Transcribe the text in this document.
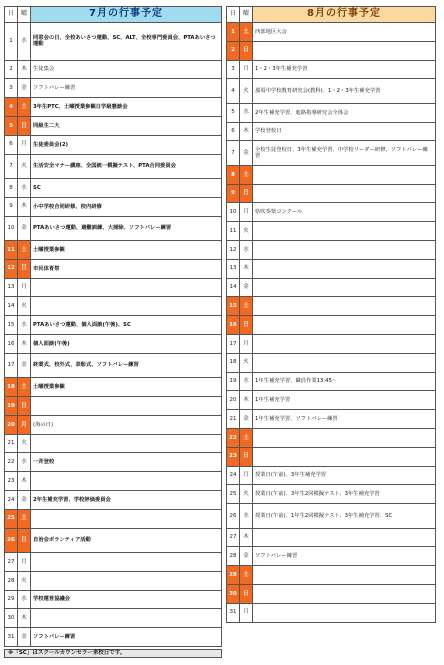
日	曜	7月の行事予定
1	水	同窓会の日、全校あいさつ運動、SC、ALT、全校専門委員会、PTAあいさつ運動
2	木	生徒集会
3	金	ソフトバレー練習
4	土	3年生PTC、土曜授業参観日学級懇談会
5	日	同級生二大
6	月	生徒委員会(2)
7	火	生活安全マナー講座、全国統一模擬テスト、PTA合同委員会
8	水	SC
9	木	小中学校合同研修、校内研修
10	金	PTAあいさつ運動、避難訓練、大掃除、ソフトバレー練習
11	土	土曜授業参観
12	日	市民体育祭
13	月	
14	火	
15	水	PTAあいさつ運動、個人面談(午後)、SC
16	木	個人面談(午後)
17	金	終業式、校外式、表彰式、ソフトバレー練習
18	土	土曜授業参観
19	日	
20	月	(海の日)
21	火	
22	水	一斉登校
23	木	
24	金	2年生補充学習、学校評価委員会
25	土	
26	日	自治会ボランティア活動
27	月	
28	火	
29	水	学校運営協議会
30	木	
31	金	ソフトバレー練習
日	曜	8月の行事予定
1	土	西部地区大会
2	日	
3	月	1・2・3年生補充学習
4	火	那須中学校教育研究会(教科)、1・2・3年生補充学習
5	水	2年生補充学習、進路指導研究会全体会
6	木	学校登校日
7	金	全校生徒登校日、3年生補充学習、中学校リーダー研修、ソフトバレー練習
8	土	
9	日	
10	月	県吹奏楽コンクール
11	火	
12	水	
13	木	
14	金	
15	土	
16	日	
17	月	
18	火	
19	水	1年生補充学習、職員作業13:45～
20	木	1年生補充学習
21	金	1年生補充学習、ソフトバレー練習
22	土	
23	日	
24	月	授業日(午前)、3年生補充学習
25	火	授業日(午前)、3年生2回模擬テスト、3年生補充学習
26	水	授業日(午前)、1年生2回模擬テスト、3年生補充学習、SC
27	木	
28	金	ソフトバレー練習
29	土	
30	日	
31	月	
※「SC」はスクールカウンセラー来校日です。
